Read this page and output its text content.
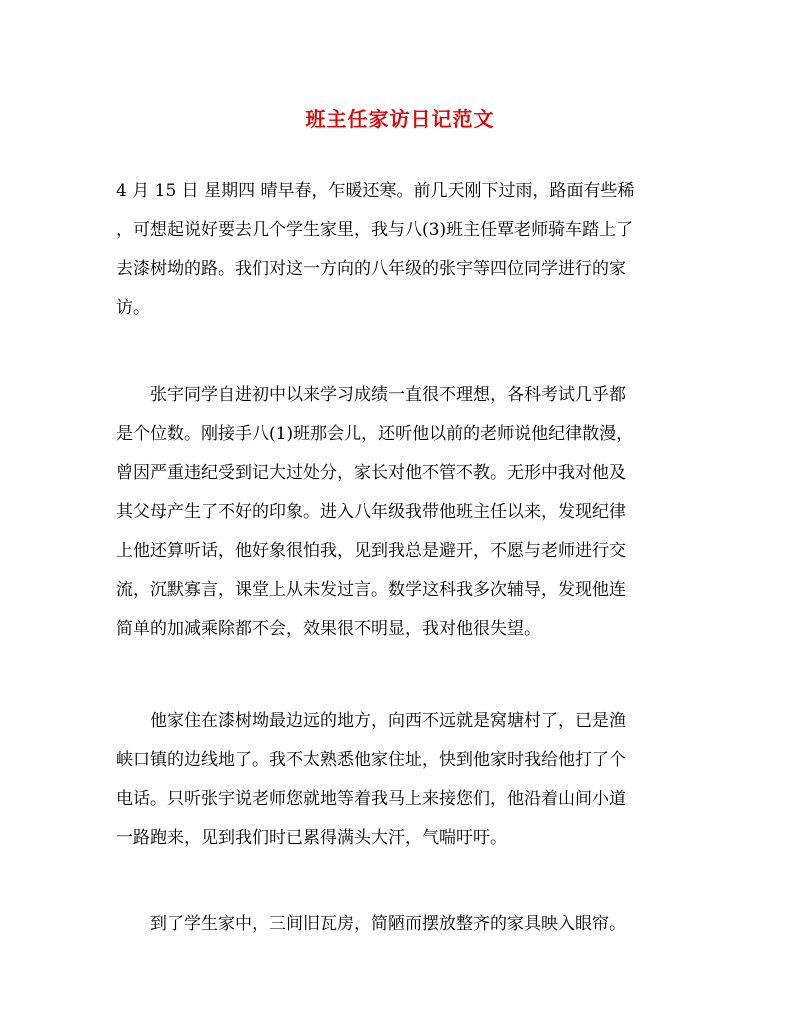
班主任家访日记范文
4 月 15 日 星期四 晴早春，乍暖还寒。前几天刚下过雨，路面有些稀
，可想起说好要去几个学生家里，我与八(3)班主任覃老师骑车踏上了
去漆树坳的路。我们对这一方向的八年级的张宇等四位同学进行的家
访。
张宇同学自进初中以来学习成绩一直很不理想，各科考试几乎都
是个位数。刚接手八(1)班那会儿，还听他以前的老师说他纪律散漫，
曾因严重违纪受到记大过处分，家长对他不管不教。无形中我对他及
其父母产生了不好的印象。进入八年级我带他班主任以来，发现纪律
上他还算听话，他好象很怕我，见到我总是避开，不愿与老师进行交
流，沉默寡言，课堂上从未发过言。数学这科我多次辅导，发现他连
简单的加减乘除都不会，效果很不明显，我对他很失望。
他家住在漆树坳最边远的地方，向西不远就是窝塘村了，已是渔
峡口镇的边线地了。我不太熟悉他家住址，快到他家时我给他打了个
电话。只听张宇说老师您就地等着我马上来接您们，他沿着山间小道
一路跑来，见到我们时已累得满头大汗，气喘吁吁。
到了学生家中，三间旧瓦房，简陋而摆放整齐的家具映入眼帘。
